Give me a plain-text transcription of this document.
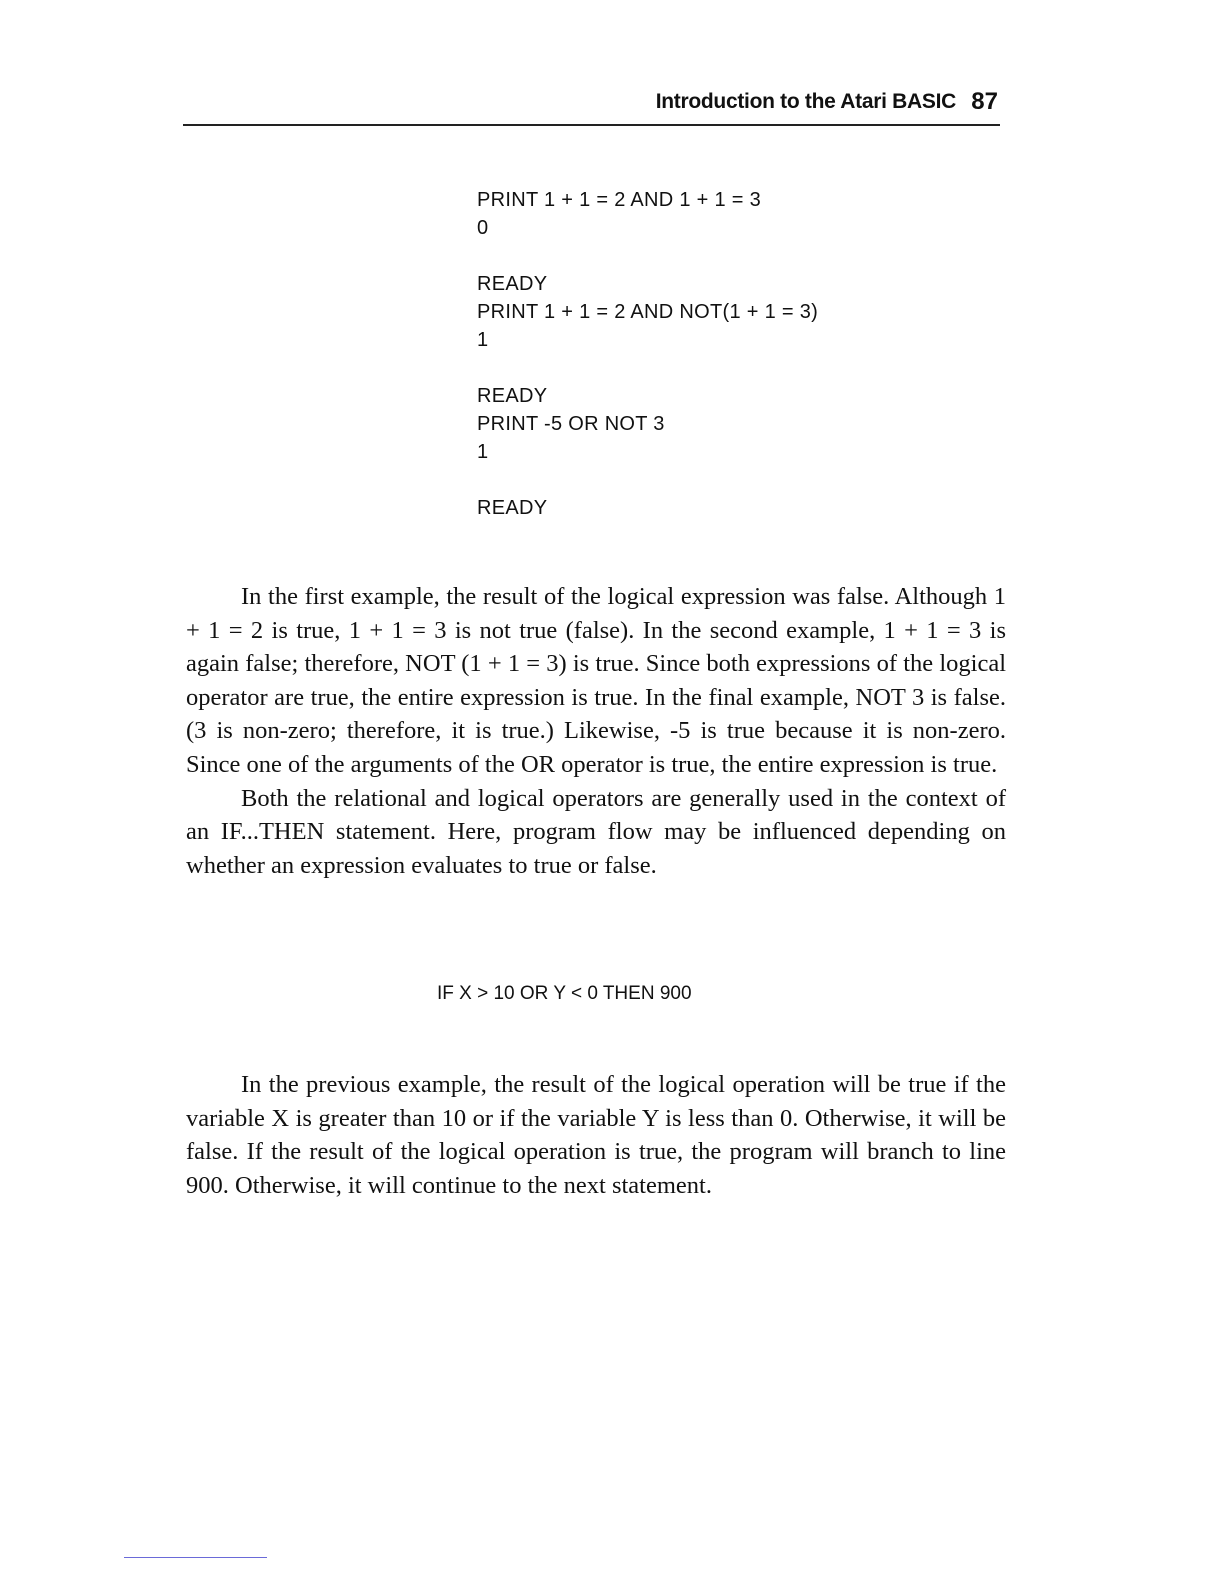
Introduction to the Atari BASIC 87
PRINT 1 + 1 = 2 AND 1 + 1 = 3
0
READY
PRINT 1 + 1 = 2 AND NOT(1 + 1 = 3)
1
READY
PRINT -5 OR NOT 3
1
READY

In the first example, the result of the logical expression was false. Although 1 + 1 = 2 is true, 1 + 1 = 3 is not true (false). In the second example, 1 + 1 = 3 is again false; therefore, NOT (1 + 1 = 3) is true. Since both expressions of the logical operator are true, the entire expression is true. In the final example, NOT 3 is false. (3 is non-zero; therefore, it is true.) Likewise, -5 is true because it is non-zero. Since one of the arguments of the OR operator is true, the entire expression is true.

Both the relational and logical operators are generally used in the context of an IF...THEN statement. Here, program flow may be influenced depending on whether an expression evaluates to true or false.

IF X > 10 OR Y < 0 THEN 900

In the previous example, the result of the logical operation will be true if the variable X is greater than 10 or if the variable Y is less than 0. Otherwise, it will be false. If the result of the logical operation is true, the program will branch to line 900. Otherwise, it will continue to the next statement.
